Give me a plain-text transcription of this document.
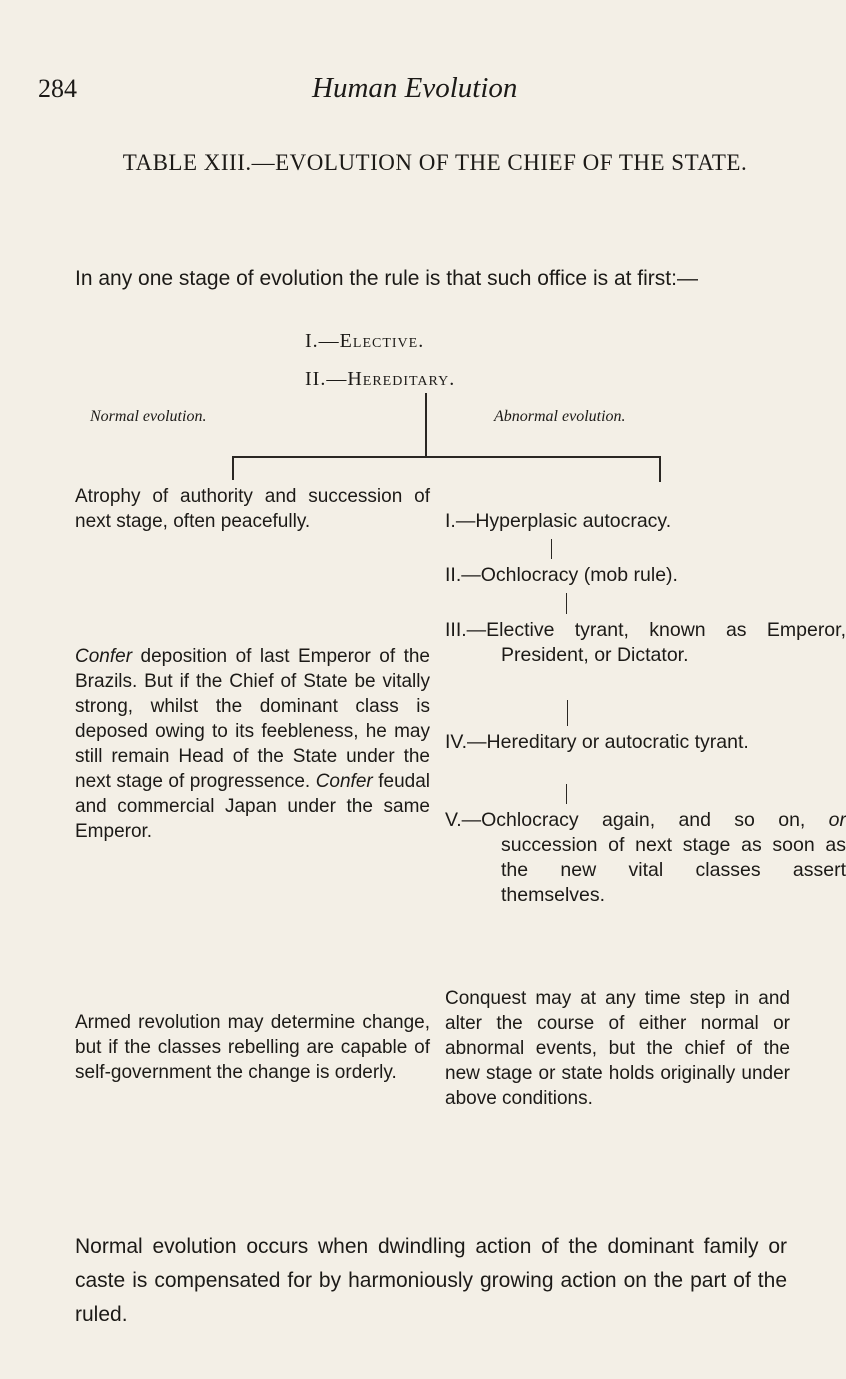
284	Human Evolution
TABLE XIII.—EVOLUTION OF THE CHIEF OF THE STATE.
In any one stage of evolution the rule is that such office is at first:—
I.—Elective.
II.—Hereditary.
Normal evolution.	Abnormal evolution.
Atrophy of authority and succession of next stage, often peacefully.
Confer deposition of last Emperor of the Brazils. But if the Chief of State be vitally strong, whilst the dominant class is deposed owing to its feebleness, he may still remain Head of the State under the next stage of progressence. Confer feudal and commercial Japan under the same Emperor.
Armed revolution may determine change, but if the classes rebelling are capable of self-government the change is orderly.
I.—Hyperplasic autocracy.
II.—Ochlocracy (mob rule).
III.—Elective tyrant, known as Emperor, President, or Dictator.
IV.—Hereditary or autocratic tyrant.
V.—Ochlocracy again, and so on, or succession of next stage as soon as the new vital classes assert themselves.
Conquest may at any time step in and alter the course of either normal or abnormal events, but the chief of the new stage or state holds originally under above conditions.
Normal evolution occurs when dwindling action of the dominant family or caste is compensated for by harmoniously growing action on the part of the ruled.
